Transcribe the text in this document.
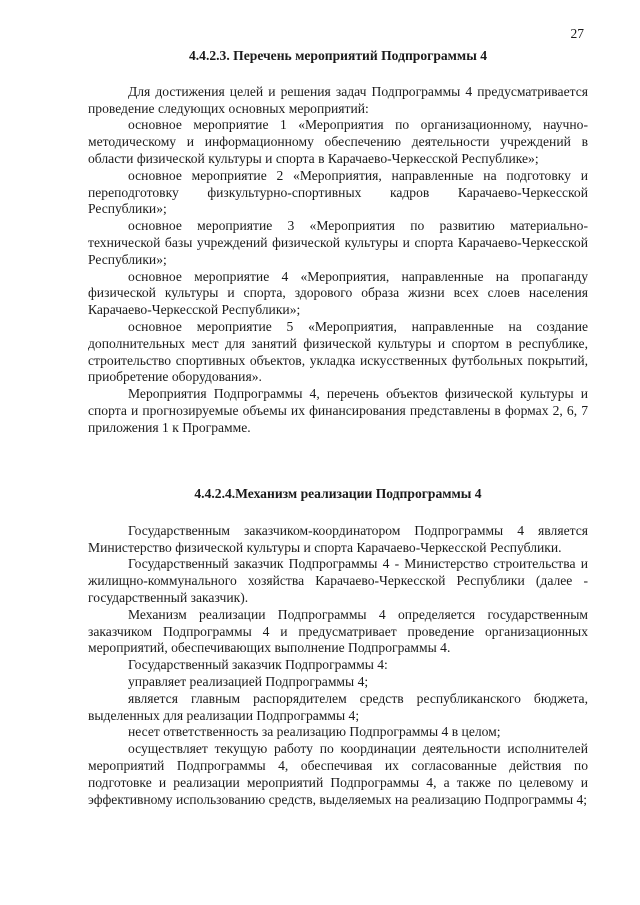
27

4.4.2.3. Перечень мероприятий Подпрограммы 4

Для достижения целей и решения задач Подпрограммы 4 предусматривается проведение следующих основных мероприятий:

основное мероприятие 1 «Мероприятия по организационному, научно-методическому и информационному обеспечению деятельности учреждений в области физической культуры и спорта в Карачаево-Черкесской Республике»;

основное мероприятие 2 «Мероприятия, направленные на подготовку и переподготовку физкультурно-спортивных кадров Карачаево-Черкесской Республики»;

основное мероприятие 3 «Мероприятия по развитию материально-технической базы учреждений физической культуры и спорта Карачаево-Черкесской Республики»;

основное мероприятие 4 «Мероприятия, направленные на пропаганду физической культуры и спорта, здорового образа жизни всех слоев населения Карачаево-Черкесской Республики»;

основное мероприятие 5 «Мероприятия, направленные на создание дополнительных мест для занятий физической культуры и спортом в республике, строительство спортивных объектов, укладка искусственных футбольных покрытий, приобретение оборудования».

Мероприятия Подпрограммы 4, перечень объектов физической культуры и спорта и прогнозируемые объемы их финансирования представлены в формах 2, 6, 7 приложения 1 к Программе.

4.4.2.4.Механизм реализации Подпрограммы 4

Государственным заказчиком-координатором Подпрограммы 4 является Министерство физической культуры и спорта Карачаево-Черкесской Республики.

Государственный заказчик Подпрограммы 4 - Министерство строительства и жилищно-коммунального хозяйства Карачаево-Черкесской Республики (далее - государственный заказчик).

Механизм реализации Подпрограммы 4 определяется государственным заказчиком Подпрограммы 4 и предусматривает проведение организационных мероприятий, обеспечивающих выполнение Подпрограммы 4.

Государственный заказчик Подпрограммы 4:

управляет реализацией Подпрограммы 4;

является главным распорядителем средств республиканского бюджета, выделенных для реализации Подпрограммы 4;

несет ответственность за реализацию Подпрограммы 4 в целом;

осуществляет текущую работу по координации деятельности исполнителей мероприятий Подпрограммы 4, обеспечивая их согласованные действия по подготовке и реализации мероприятий Подпрограммы 4, а также по целевому и эффективному использованию средств, выделяемых на реализацию Подпрограммы 4;
